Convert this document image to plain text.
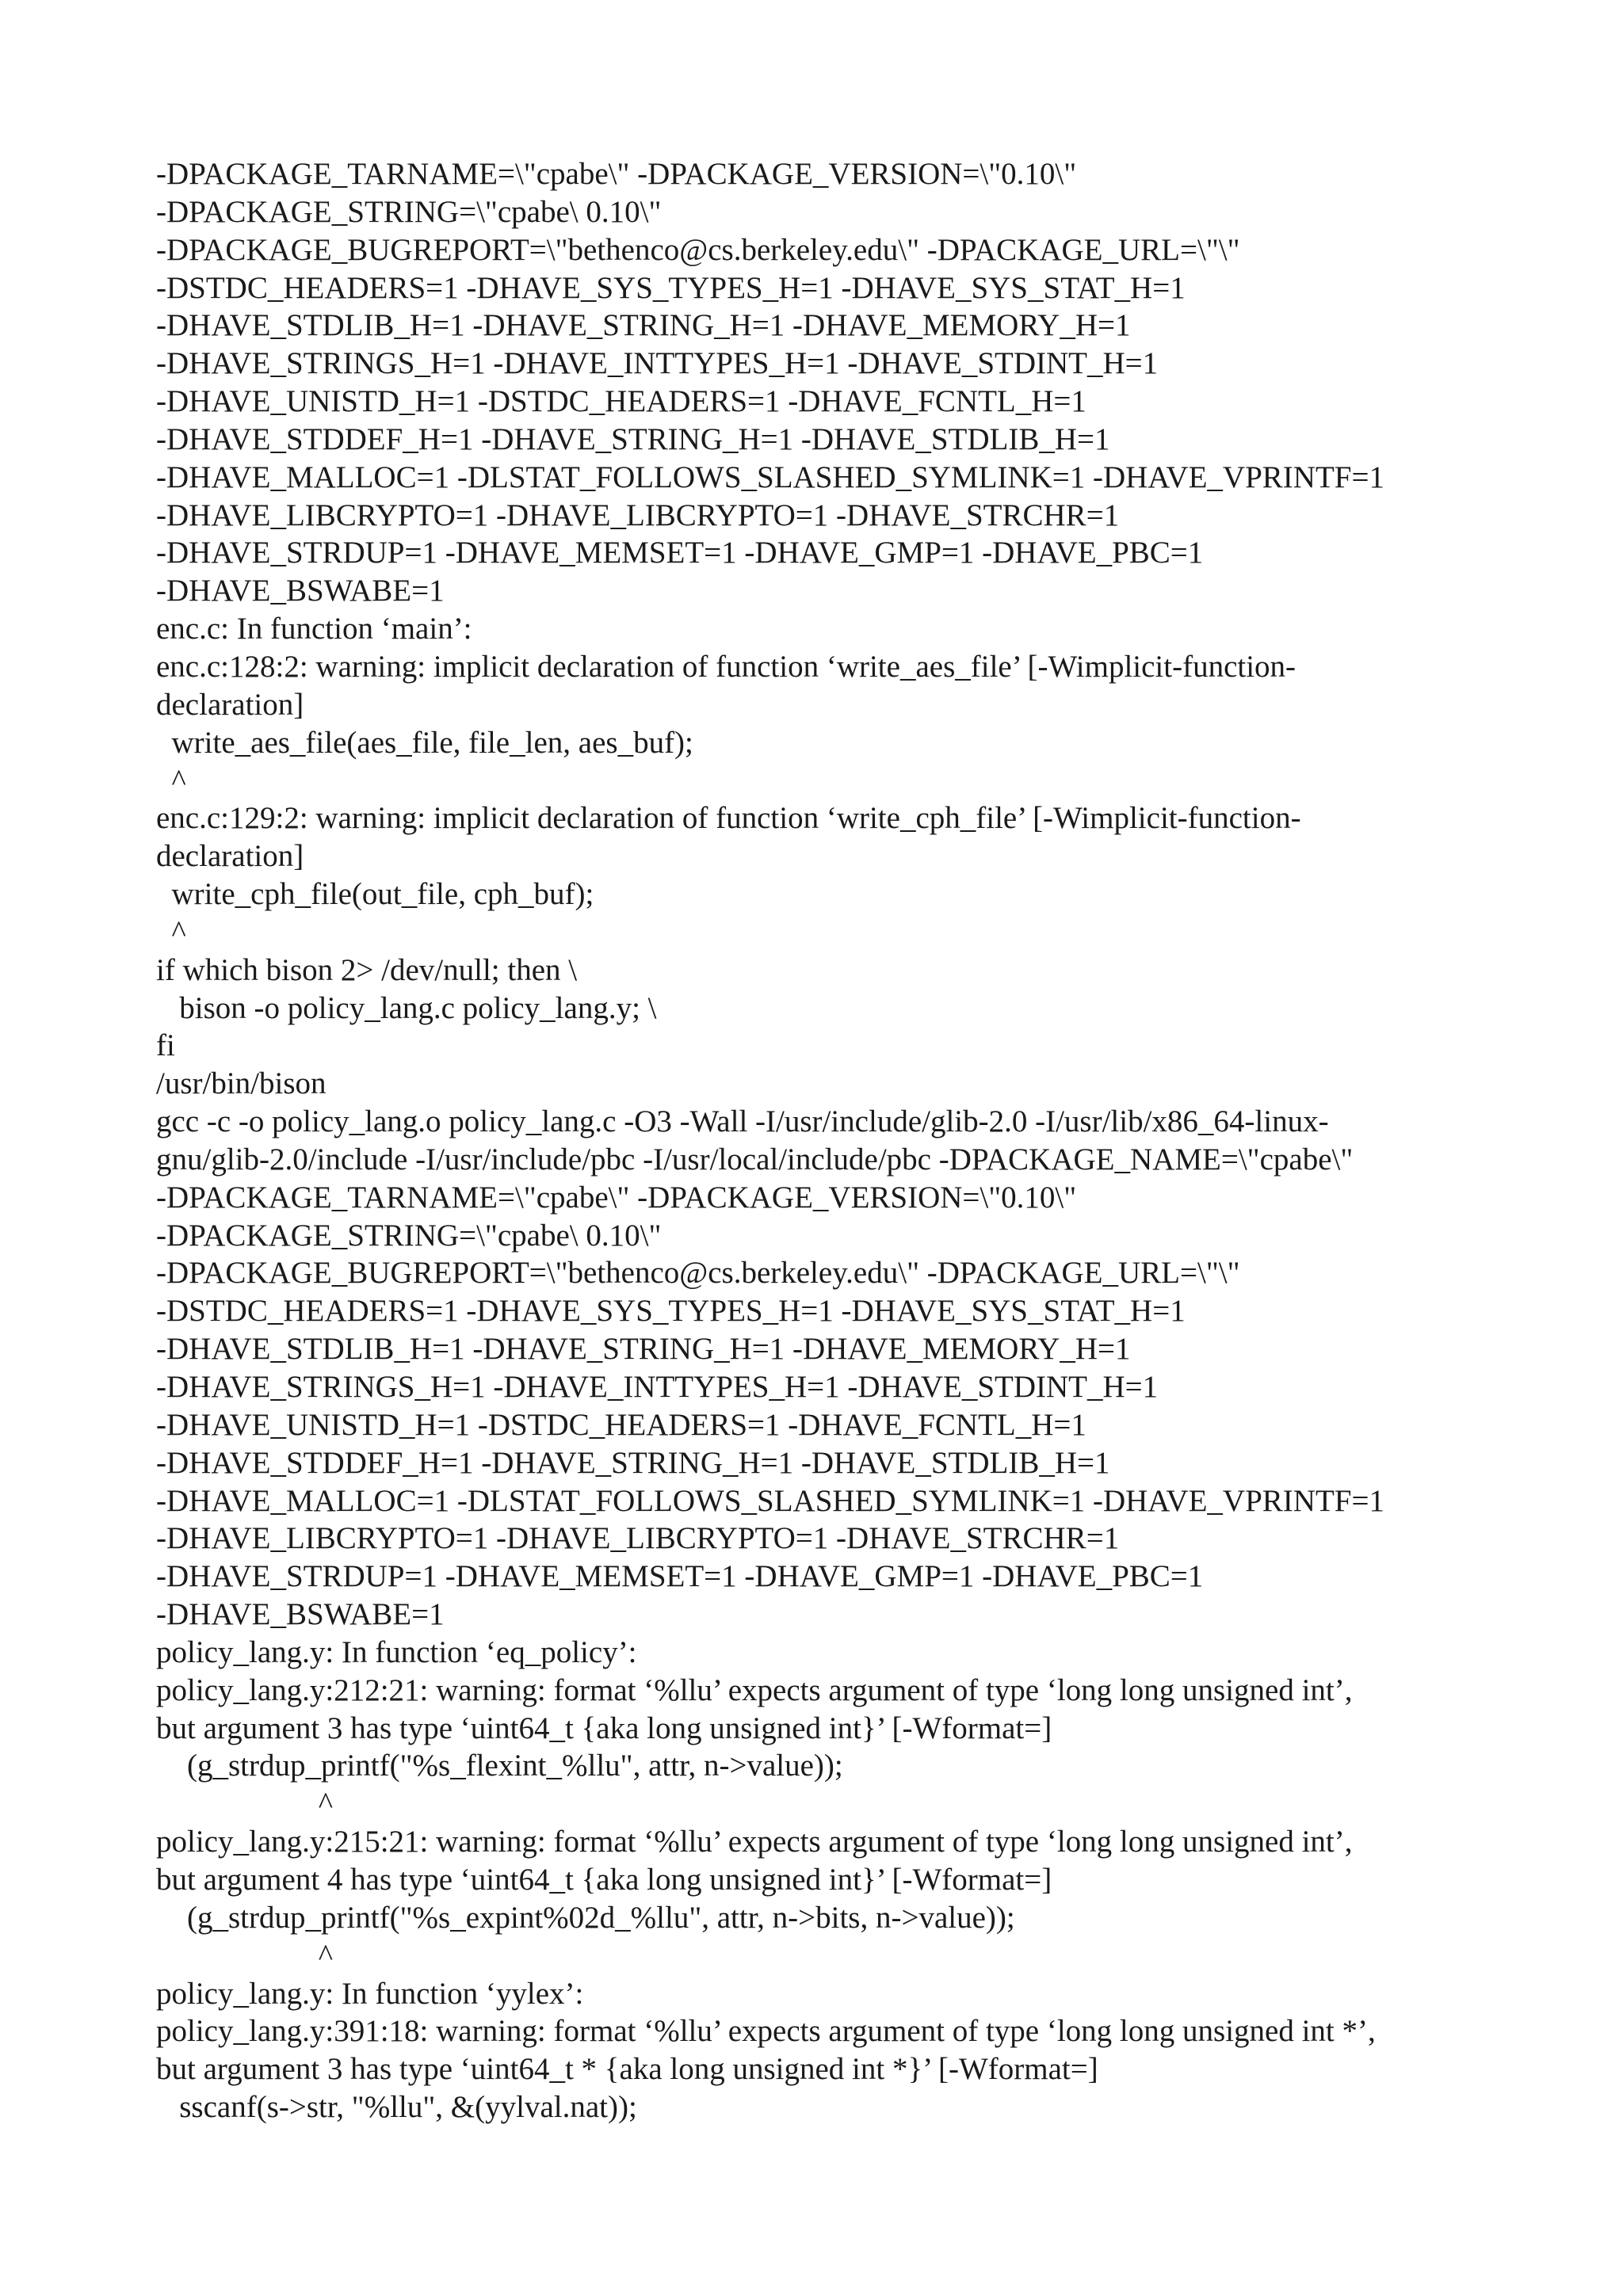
-DPACKAGE_TARNAME=\"cpabe\" -DPACKAGE_VERSION=\"0.10\"
-DPACKAGE_STRING=\"cpabe\ 0.10\"
-DPACKAGE_BUGREPORT=\"bethenco@cs.berkeley.edu\" -DPACKAGE_URL=\"\"
-DSTDC_HEADERS=1 -DHAVE_SYS_TYPES_H=1 -DHAVE_SYS_STAT_H=1
-DHAVE_STDLIB_H=1 -DHAVE_STRING_H=1 -DHAVE_MEMORY_H=1
-DHAVE_STRINGS_H=1 -DHAVE_INTTYPES_H=1 -DHAVE_STDINT_H=1
-DHAVE_UNISTD_H=1 -DSTDC_HEADERS=1 -DHAVE_FCNTL_H=1
-DHAVE_STDDEF_H=1 -DHAVE_STRING_H=1 -DHAVE_STDLIB_H=1
-DHAVE_MALLOC=1 -DLSTAT_FOLLOWS_SLASHED_SYMLINK=1 -DHAVE_VPRINTF=1
-DHAVE_LIBCRYPTO=1 -DHAVE_LIBCRYPTO=1 -DHAVE_STRCHR=1
-DHAVE_STRDUP=1 -DHAVE_MEMSET=1 -DHAVE_GMP=1 -DHAVE_PBC=1
-DHAVE_BSWABE=1
enc.c: In function ‘main’:
enc.c:128:2: warning: implicit declaration of function ‘write_aes_file’ [-Wimplicit-function-
declaration]
write_aes_file(aes_file, file_len, aes_buf);
^
enc.c:129:2: warning: implicit declaration of function ‘write_cph_file’ [-Wimplicit-function-
declaration]
write_cph_file(out_file, cph_buf);
^
if which bison 2> /dev/null; then \
bison -o policy_lang.c policy_lang.y; \
fi
/usr/bin/bison
gcc -c -o policy_lang.o policy_lang.c -O3 -Wall -I/usr/include/glib-2.0 -I/usr/lib/x86_64-linux-
gnu/glib-2.0/include -I/usr/include/pbc -I/usr/local/include/pbc -DPACKAGE_NAME=\"cpabe\"
-DPACKAGE_TARNAME=\"cpabe\" -DPACKAGE_VERSION=\"0.10\"
-DPACKAGE_STRING=\"cpabe\ 0.10\"
-DPACKAGE_BUGREPORT=\"bethenco@cs.berkeley.edu\" -DPACKAGE_URL=\"\"
-DSTDC_HEADERS=1 -DHAVE_SYS_TYPES_H=1 -DHAVE_SYS_STAT_H=1
-DHAVE_STDLIB_H=1 -DHAVE_STRING_H=1 -DHAVE_MEMORY_H=1
-DHAVE_STRINGS_H=1 -DHAVE_INTTYPES_H=1 -DHAVE_STDINT_H=1
-DHAVE_UNISTD_H=1 -DSTDC_HEADERS=1 -DHAVE_FCNTL_H=1
-DHAVE_STDDEF_H=1 -DHAVE_STRING_H=1 -DHAVE_STDLIB_H=1
-DHAVE_MALLOC=1 -DLSTAT_FOLLOWS_SLASHED_SYMLINK=1 -DHAVE_VPRINTF=1
-DHAVE_LIBCRYPTO=1 -DHAVE_LIBCRYPTO=1 -DHAVE_STRCHR=1
-DHAVE_STRDUP=1 -DHAVE_MEMSET=1 -DHAVE_GMP=1 -DHAVE_PBC=1
-DHAVE_BSWABE=1
policy_lang.y: In function ‘eq_policy’:
policy_lang.y:212:21: warning: format ‘%llu’ expects argument of type ‘long long unsigned int’,
but argument 3 has type ‘uint64_t {aka long unsigned int}’ [-Wformat=]
(g_strdup_printf("%s_flexint_%llu", attr, n->value));
^
policy_lang.y:215:21: warning: format ‘%llu’ expects argument of type ‘long long unsigned int’,
but argument 4 has type ‘uint64_t {aka long unsigned int}’ [-Wformat=]
(g_strdup_printf("%s_expint%02d_%llu", attr, n->bits, n->value));
^
policy_lang.y: In function ‘yylex’:
policy_lang.y:391:18: warning: format ‘%llu’ expects argument of type ‘long long unsigned int *’,
but argument 3 has type ‘uint64_t * {aka long unsigned int *}’ [-Wformat=]
sscanf(s->str, "%llu", &(yylval.nat));
